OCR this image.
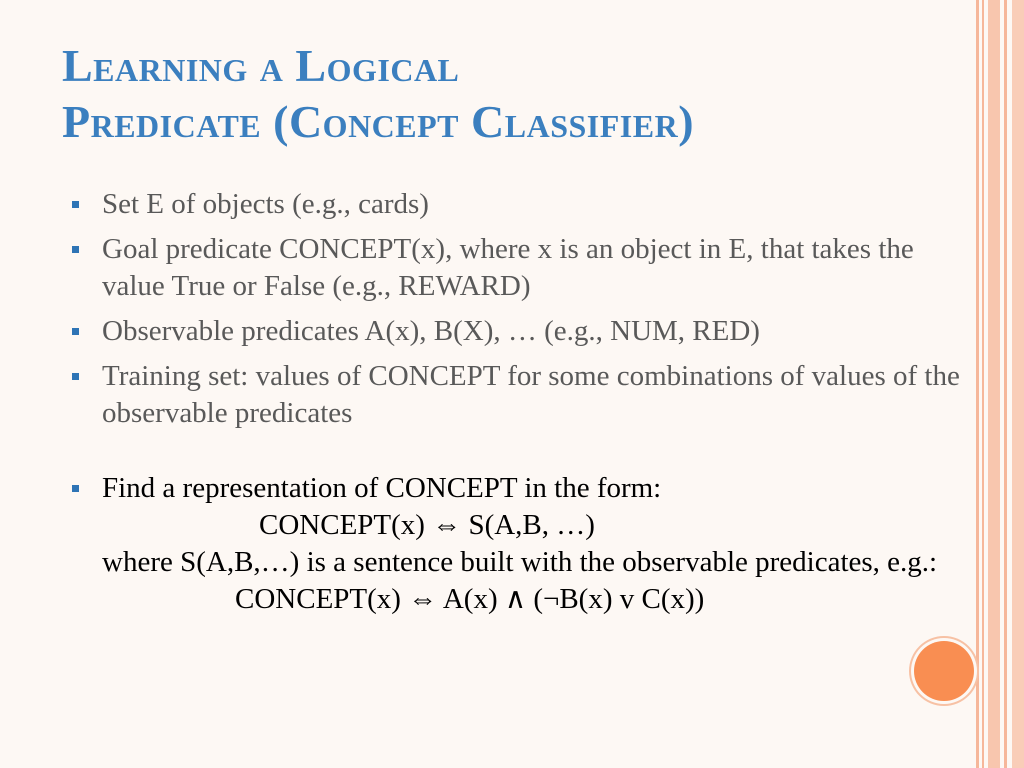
Learning a Logical
Predicate (Concept Classifier)
Set E of objects (e.g., cards)
Goal predicate CONCEPT(x), where x is an object in E, that takes the value True or False (e.g., REWARD)
Observable predicates A(x), B(X), … (e.g., NUM, RED)
Training set: values of CONCEPT for some combinations of values of the observable predicates
Find a representation of CONCEPT in the form:
CONCEPT(x) ⇔ S(A,B, …)
where S(A,B,…) is a sentence built with the observable predicates, e.g.:
CONCEPT(x) ⇔ A(x) ∧ (¬B(x) v C(x))
